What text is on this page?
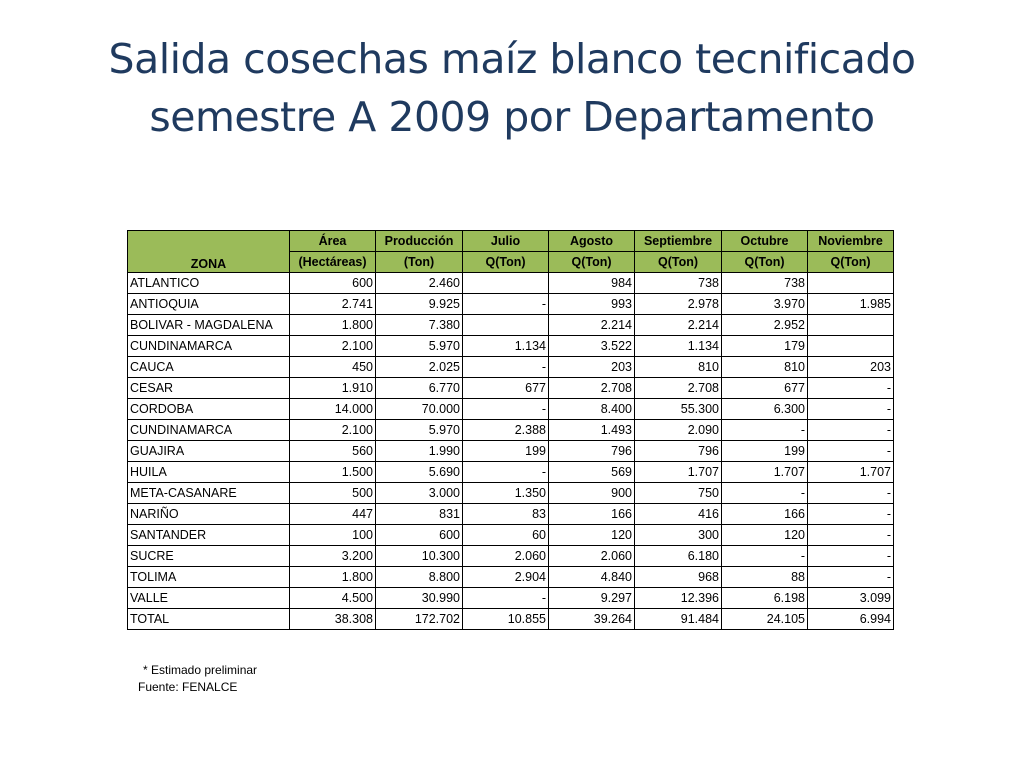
Salida cosechas maíz blanco tecnificado
semestre A 2009 por Departamento
ZONA	Área	Producción	Julio	Agosto	Septiembre	Octubre	Noviembre
	(Hectáreas)	(Ton)	Q(Ton)	Q(Ton)	Q(Ton)	Q(Ton)	Q(Ton)
ATLANTICO	600	2.460		984	738	738	
ANTIOQUIA	2.741	9.925	-	993	2.978	3.970	1.985
BOLIVAR - MAGDALENA	1.800	7.380		2.214	2.214	2.952	
CUNDINAMARCA	2.100	5.970	1.134	3.522	1.134	179	
CAUCA	450	2.025	-	203	810	810	203
CESAR	1.910	6.770	677	2.708	2.708	677	-
CORDOBA	14.000	70.000	-	8.400	55.300	6.300	-
CUNDINAMARCA	2.100	5.970	2.388	1.493	2.090	-	-
GUAJIRA	560	1.990	199	796	796	199	-
HUILA	1.500	5.690	-	569	1.707	1.707	1.707
META-CASANARE	500	3.000	1.350	900	750	-	-
NARIÑO	447	831	83	166	416	166	-
SANTANDER	100	600	60	120	300	120	-
SUCRE	3.200	10.300	2.060	2.060	6.180	-	-
TOLIMA	1.800	8.800	2.904	4.840	968	88	-
VALLE	4.500	30.990	-	9.297	12.396	6.198	3.099
TOTAL	38.308	172.702	10.855	39.264	91.484	24.105	6.994
* Estimado preliminar
Fuente: FENALCE
